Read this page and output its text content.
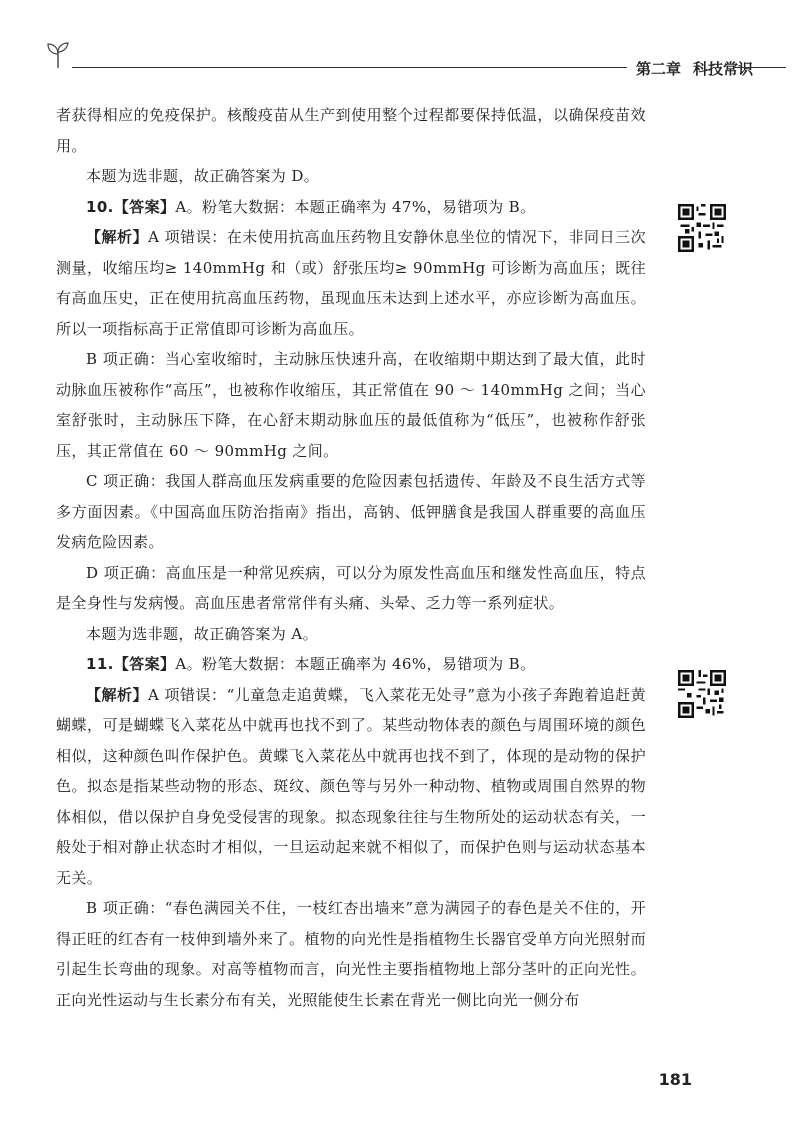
第二章 科技常识

者获得相应的免疫保护。核酸疫苗从生产到使用整个过程都要保持低温，以确保疫苗效用。

本题为选非题，故正确答案为 D。

10.【答案】A。粉笔大数据：本题正确率为 47%，易错项为 B。

【解析】A 项错误：在未使用抗高血压药物且安静休息坐位的情况下，非同日三次测量，收缩压均≥ 140mmHg 和（或）舒张压均≥ 90mmHg 可诊断为高血压；既往有高血压史，正在使用抗高血压药物，虽现血压未达到上述水平，亦应诊断为高血压。所以一项指标高于正常值即可诊断为高血压。

B 项正确：当心室收缩时，主动脉压快速升高，在收缩期中期达到了最大值，此时动脉血压被称作“高压”，也被称作收缩压，其正常值在 90 ～ 140mmHg 之间；当心室舒张时，主动脉压下降，在心舒末期动脉血压的最低值称为“低压”，也被称作舒张压，其正常值在 60 ～ 90mmHg 之间。

C 项正确：我国人群高血压发病重要的危险因素包括遗传、年龄及不良生活方式等多方面因素。《中国高血压防治指南》指出，高钠、低钾膳食是我国人群重要的高血压发病危险因素。

D 项正确：高血压是一种常见疾病，可以分为原发性高血压和继发性高血压，特点是全身性与发病慢。高血压患者常常伴有头痛、头晕、乏力等一系列症状。

本题为选非题，故正确答案为 A。

11.【答案】A。粉笔大数据：本题正确率为 46%，易错项为 B。

【解析】A 项错误：“儿童急走追黄蝶，飞入菜花无处寻”意为小孩子奔跑着追赶黄蝴蝶，可是蝴蝶飞入菜花丛中就再也找不到了。某些动物体表的颜色与周围环境的颜色相似，这种颜色叫作保护色。黄蝶飞入菜花丛中就再也找不到了，体现的是动物的保护色。拟态是指某些动物的形态、斑纹、颜色等与另外一种动物、植物或周围自然界的物体相似，借以保护自身免受侵害的现象。拟态现象往往与生物所处的运动状态有关，一般处于相对静止状态时才相似，一旦运动起来就不相似了，而保护色则与运动状态基本无关。

B 项正确：“春色满园关不住，一枝红杏出墙来”意为满园子的春色是关不住的，开得正旺的红杏有一枝伸到墙外来了。植物的向光性是指植物生长器官受单方向光照射而引起生长弯曲的现象。对高等植物而言，向光性主要指植物地上部分茎叶的正向光性。正向光性运动与生长素分布有关，光照能使生长素在背光一侧比向光一侧分布

181
